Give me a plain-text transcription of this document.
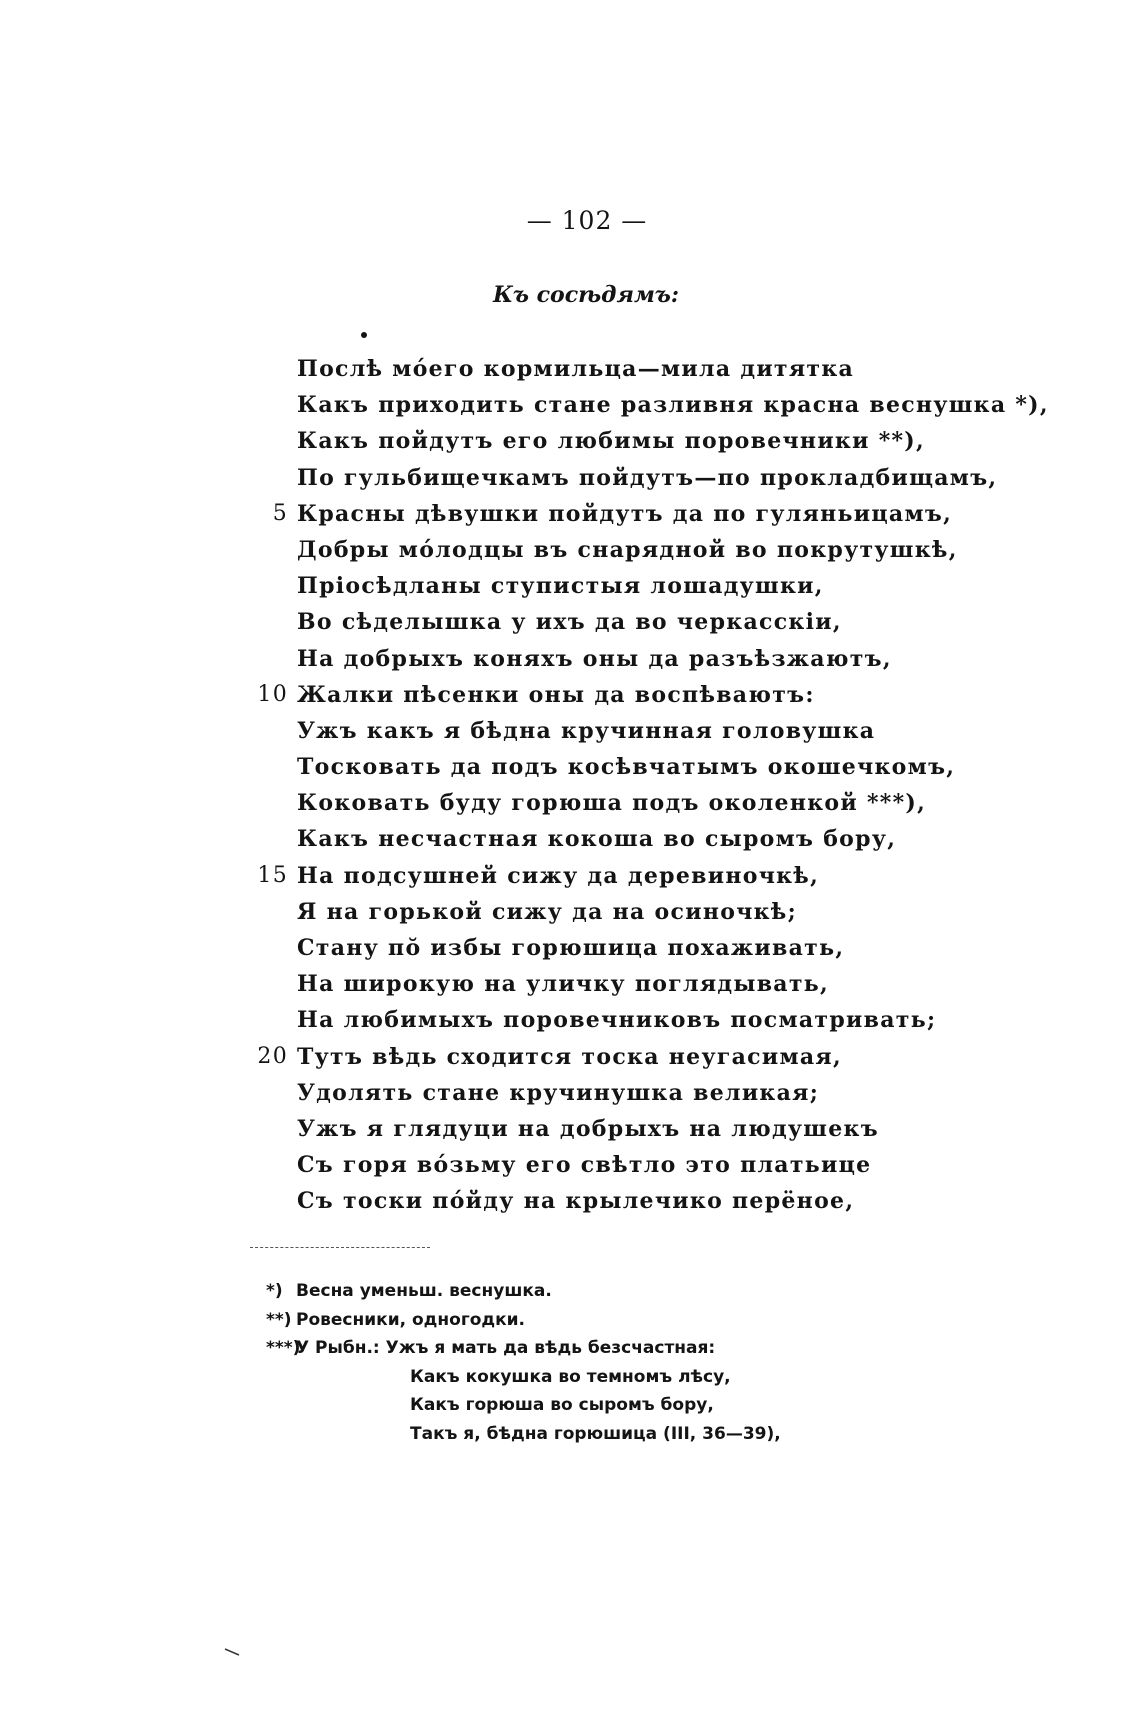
— 102 —
Къ сосѣдямъ:
Послѣ мо́его кормильца—мила дитятка
Какъ приходить стане разливня красна веснушка *),
Какъ пойдутъ его любимы поровечники **),
По гульбищечкамъ пойдутъ—по прокладбищамъ,
5 Красны дѣвушки пойдутъ да по гуляньицамъ,
Добры мо́лодцы въ снарядной во покрутушкѣ,
Пріосѣдланы ступистыя лошадушки,
Во сѣделышка у ихъ да во черкасскіи,
На добрыхъ коняхъ оны да разъѣзжаютъ,
10 Жалки пѣсенки оны да воспѣваютъ:
Ужъ какъ я бѣдна кручинная головушка
Тосковать да подъ косѣвчатымъ окошечкомъ,
Коковать буду горюша подъ околенкой ***),
Какъ несчастная кокоша во сыромъ бору,
15 На подсушней сижу да деревиночкѣ,
Я на горькой сижу да на осиночкѣ;
Стану по̆ избы горюшица похаживать,
На широкую на уличку поглядывать,
На любимыхъ поровечниковъ посматривать;
20 Тутъ вѣдь сходится тоска неугасимая,
Удолять стане кручинушка великая;
Ужъ я глядуци на добрыхъ на людушекъ
Съ горя во́зьму его свѣтло это платьице
Съ тоски по́йду на крылечико перёное,
*) Весна уменьш. веснушка.
**) Ровесники, одногодки.
***)
У Рыбн.: Ужъ я мать да вѣдь безсчастная:
Какъ кокушка во темномъ лѣсу,
Какъ горюша во сыромъ бору,
Такъ я, бѣдна горюшица (III, 36—39),
